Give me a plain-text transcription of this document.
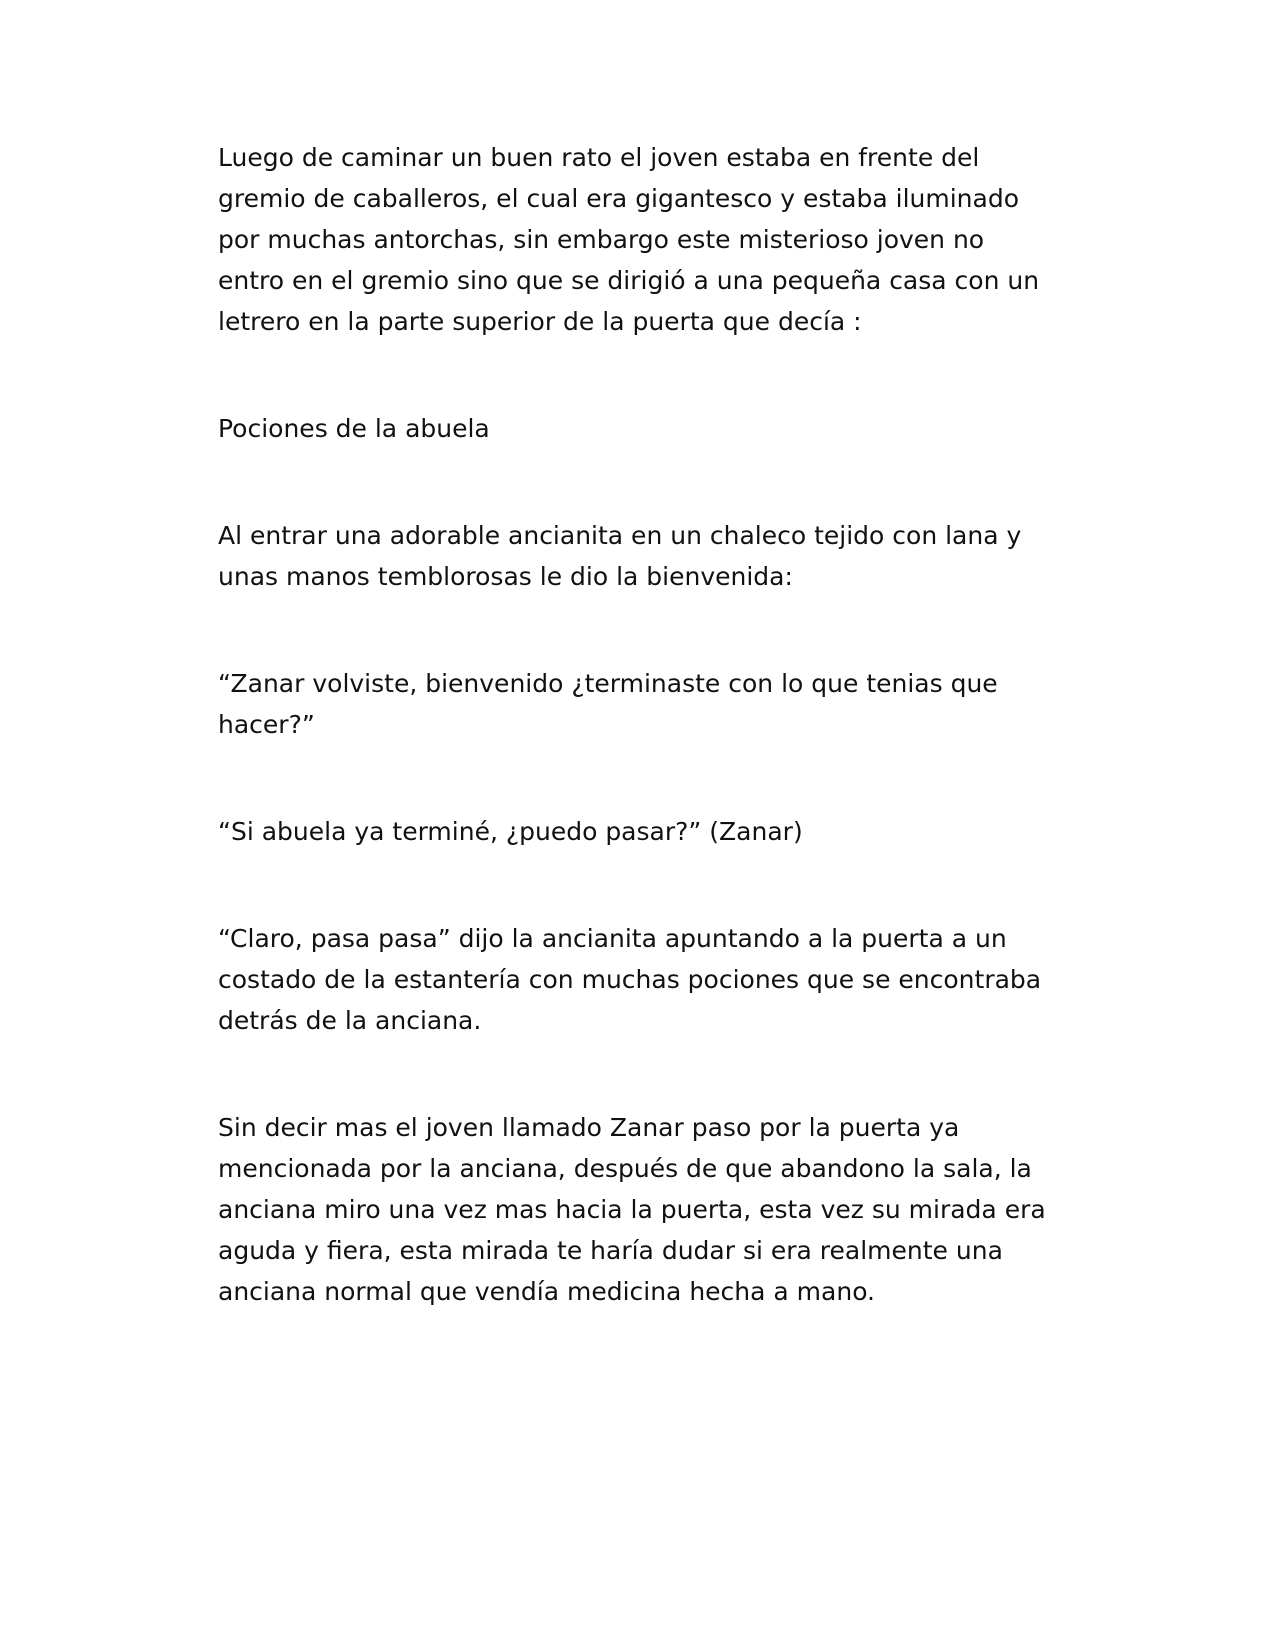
Luego de caminar un buen rato el joven estaba en frente del gremio de caballeros, el cual era gigantesco y estaba iluminado por muchas antorchas, sin embargo este misterioso joven no entro en el gremio sino que se dirigió a una pequeña casa con un letrero en la parte superior de la puerta que decía :

Pociones de la abuela

Al entrar una adorable ancianita en un chaleco tejido con lana y unas manos temblorosas le dio la bienvenida:

“Zanar volviste, bienvenido ¿terminaste con lo que tenias que hacer?”

“Si abuela ya terminé, ¿puedo pasar?” (Zanar)

“Claro, pasa pasa” dijo la ancianita apuntando a la puerta a un costado de la estantería con muchas pociones que se encontraba detrás de la anciana.

Sin decir mas el joven llamado Zanar paso por la puerta ya mencionada por la anciana, después de que abandono la sala, la anciana miro una vez mas hacia la puerta, esta vez su mirada era aguda y fiera, esta mirada te haría dudar si era realmente una anciana normal que vendía medicina hecha a mano.
